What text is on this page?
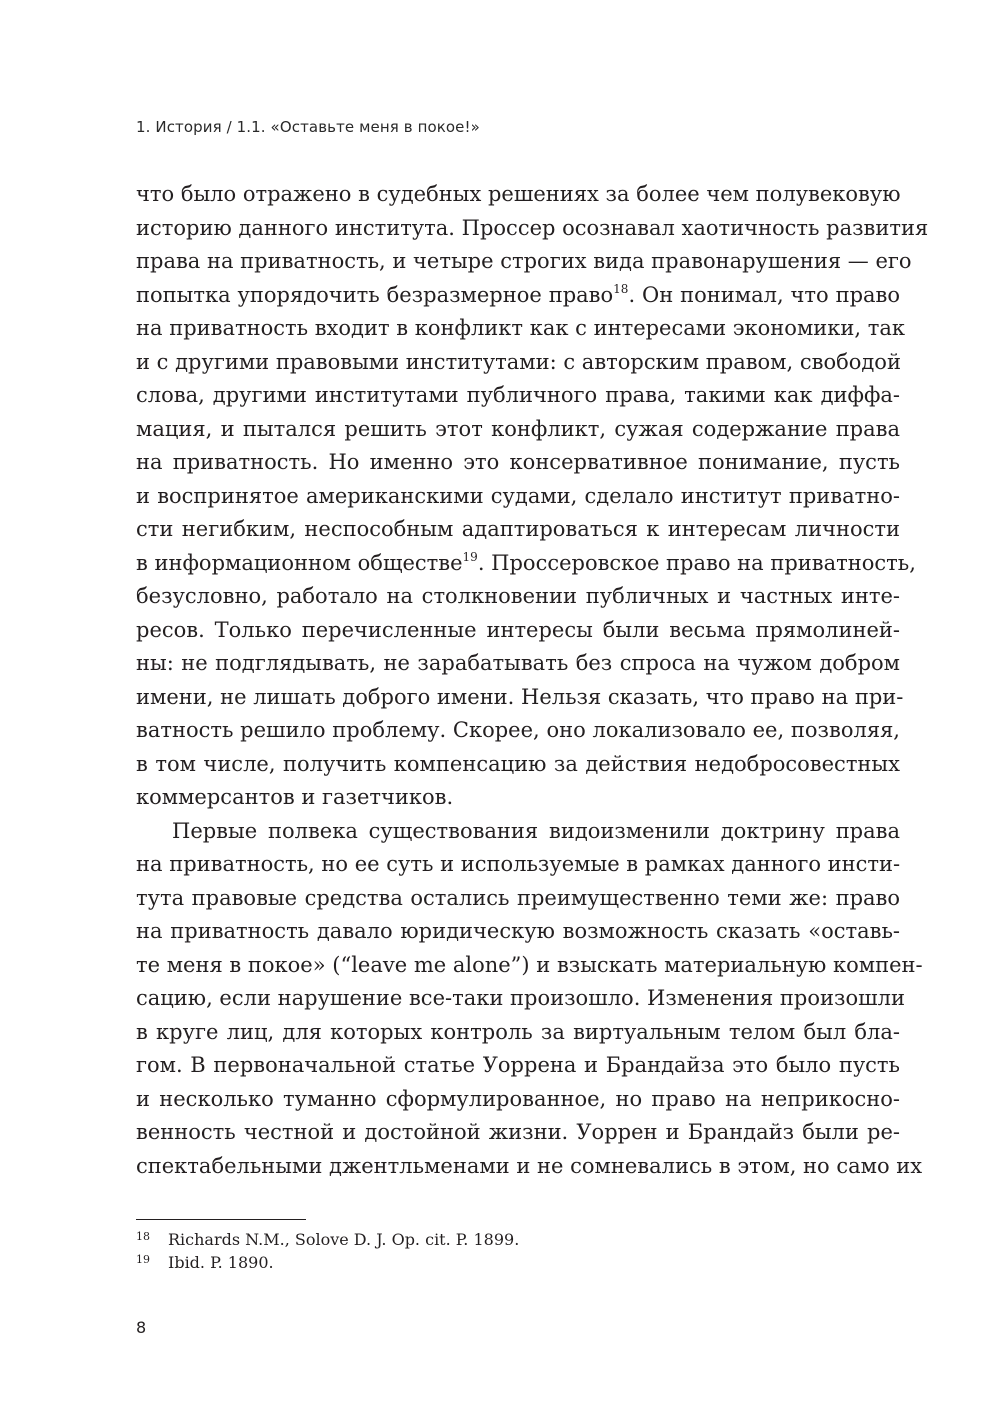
1. История / 1.1. «Оставьте меня в покое!»
что было отражено в судебных решениях за более чем полувековую
историю данного института. Проссер осознавал хаотичность развития
права на приватность, и четыре строгих вида правонарушения — его
попытка упорядочить безразмерное право$^{18}$. Он понимал, что право
на приватность входит в конфликт как с интересами экономики, так
и с другими правовыми институтами: с авторским правом, свободой
слова, другими институтами публичного права, такими как диффа-
мация, и пытался решить этот конфликт, сужая содержание права
на приватность. Но именно это консервативное понимание, пусть
и воспринятое американскими судами, сделало институт приватно-
сти негибким, неспособным адаптироваться к интересам личности
в информационном обществе$^{19}$. Проссеровское право на приватность,
безусловно, работало на столкновении публичных и частных инте-
ресов. Только перечисленные интересы были весьма прямолиней-
ны: не подглядывать, не зарабатывать без спроса на чужом добром
имени, не лишать доброго имени. Нельзя сказать, что право на при-
ватность решило проблему. Скорее, оно локализовало ее, позволяя,
в том числе, получить компенсацию за действия недобросовестных
коммерсантов и газетчиков.
Первые полвека существования видоизменили доктрину права
на приватность, но ее суть и используемые в рамках данного инсти-
тута правовые средства остались преимущественно теми же: право
на приватность давало юридическую возможность сказать «оставь-
те меня в покое» (“leave me alone”) и взыскать материальную компен-
сацию, если нарушение все-таки произошло. Изменения произошли
в круге лиц, для которых контроль за виртуальным телом был бла-
гом. В первоначальной статье Уоррена и Брандайза это было пусть
и несколько туманно сформулированное, но право на неприкосно-
венность честной и достойной жизни. Уоррен и Брандайз были ре-
спектабельными джентльменами и не сомневались в этом, но само их
18 Richards N.M., Solove D. J. Op. cit. P. 1899.
19 Ibid. P. 1890.
8
